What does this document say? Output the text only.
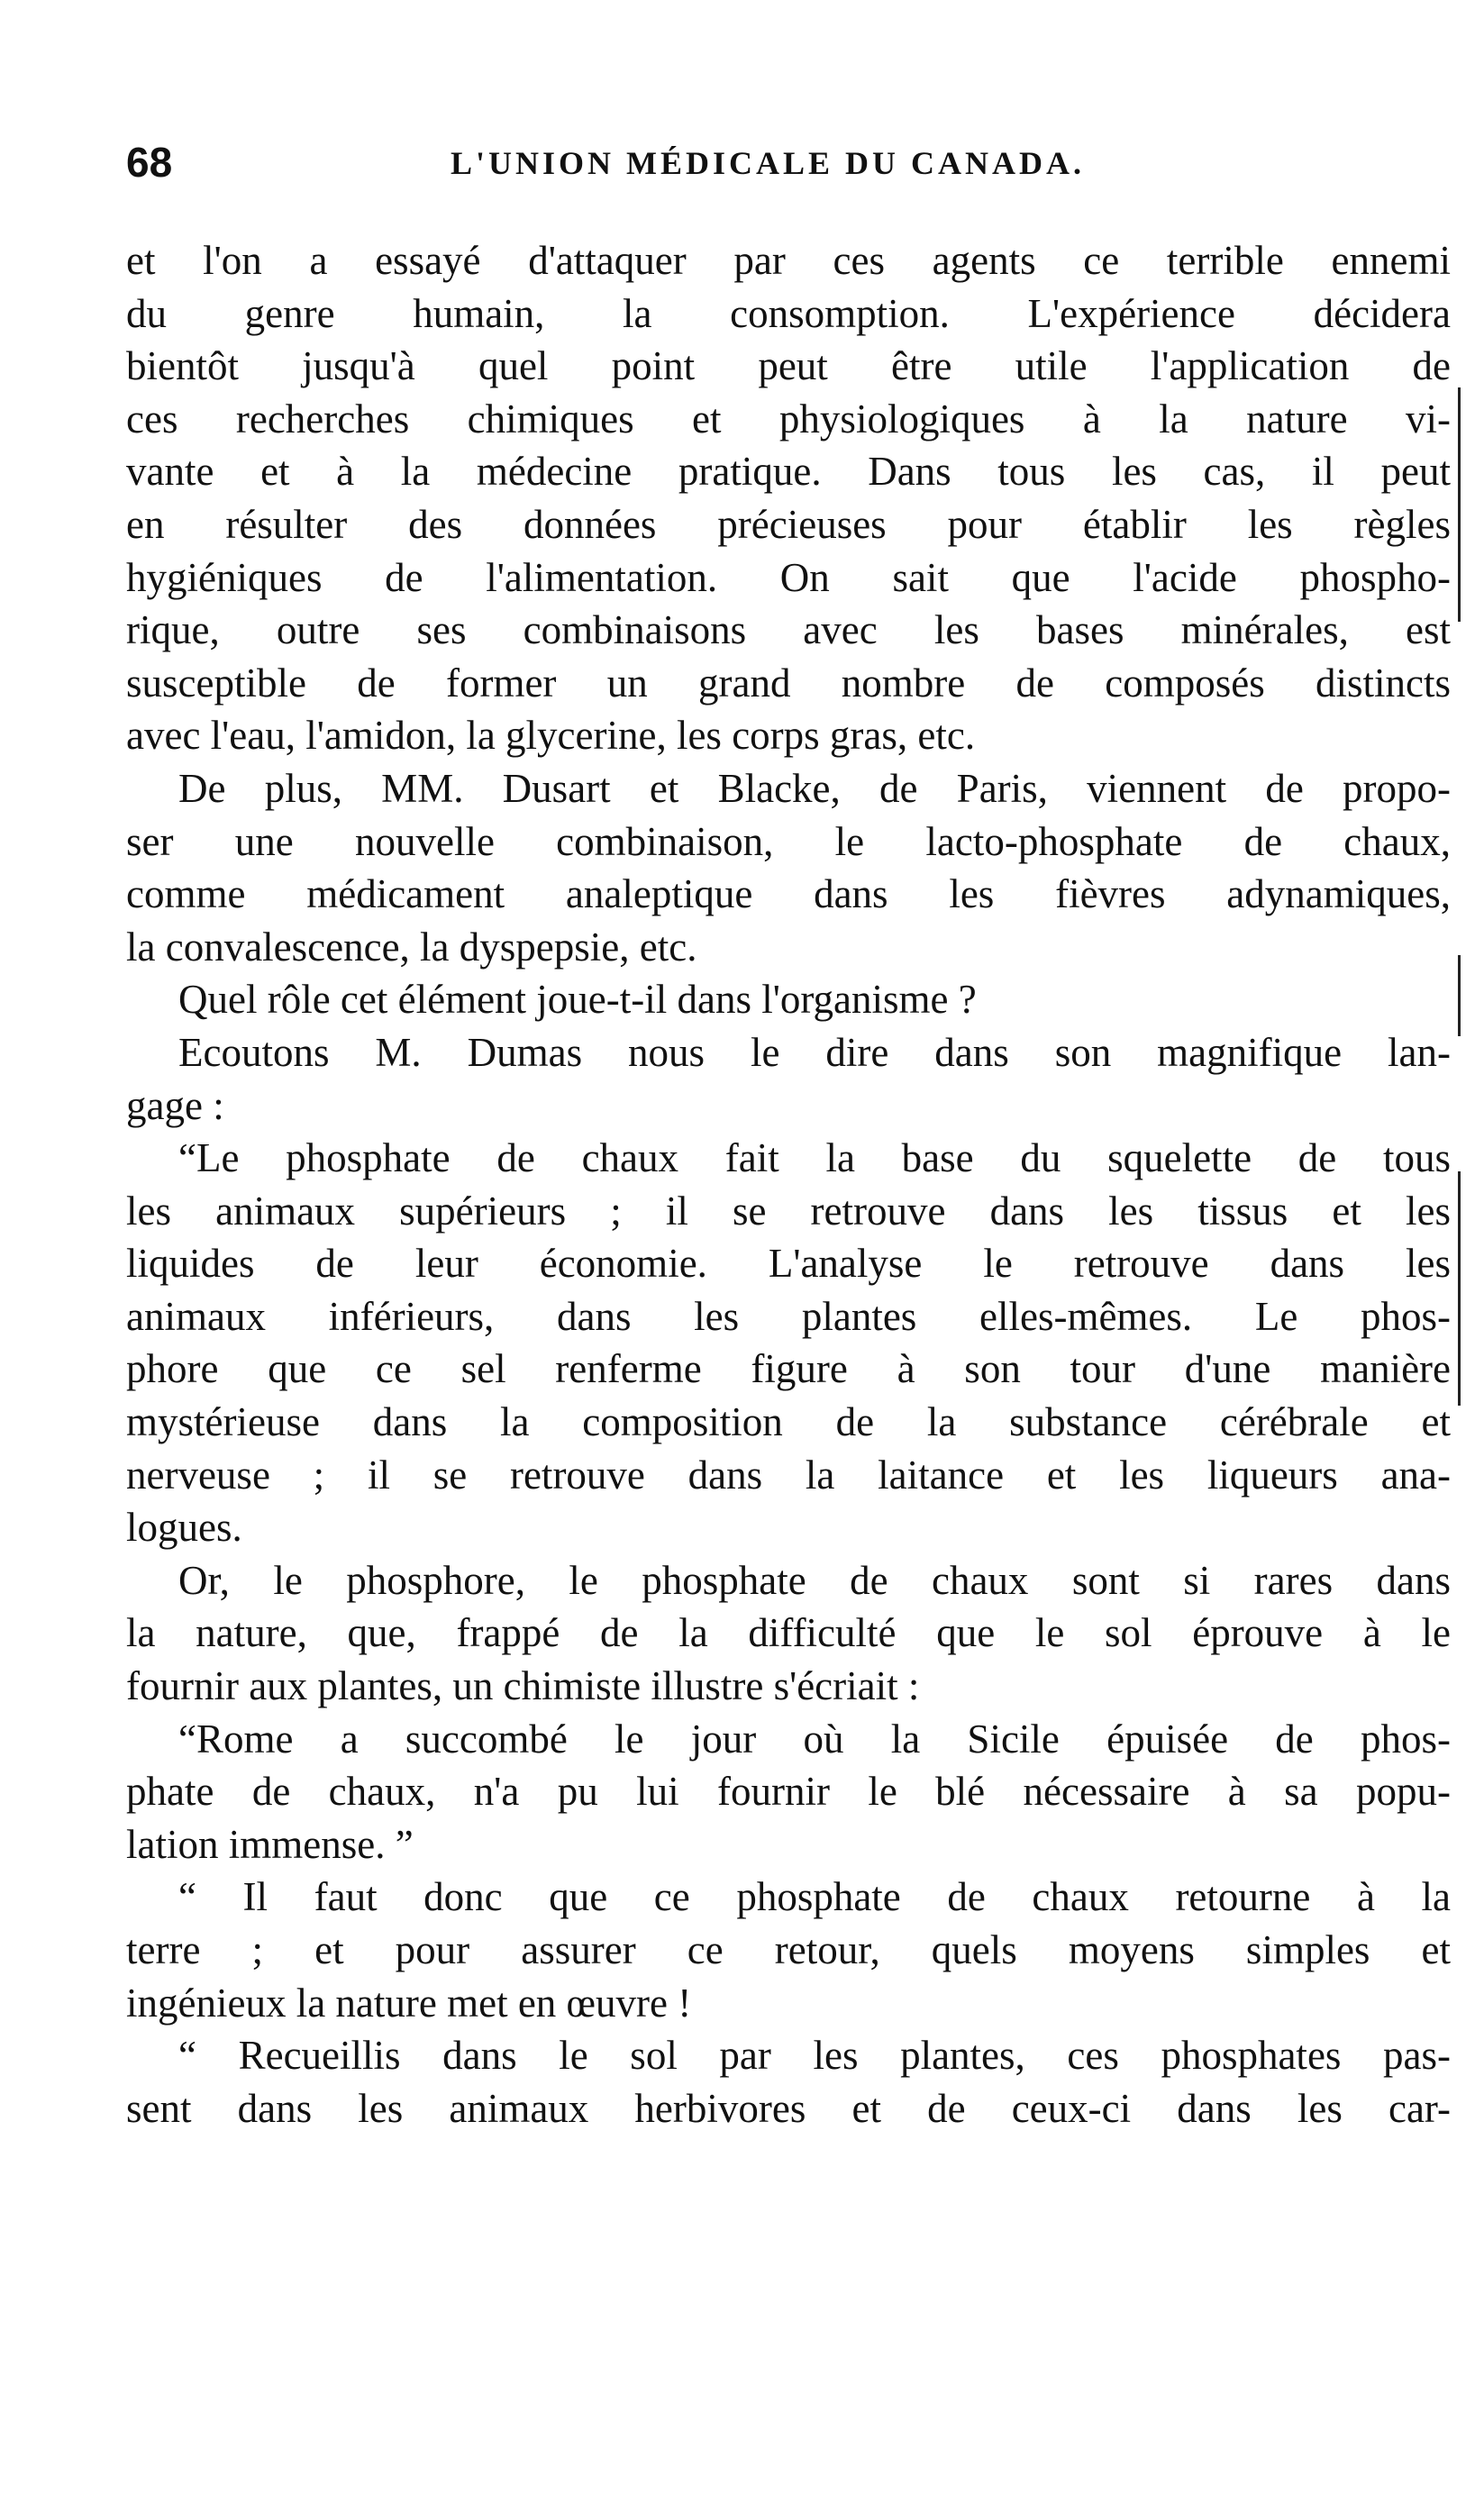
68	L'UNION MÉDICALE DU CANADA.
et l'on a essayé d'attaquer par ces agents ce terrible ennemi
du genre humain, la consomption. L'expérience décidera
bientôt jusqu'à quel point peut être utile l'application de
ces recherches chimiques et physiologiques à la nature vi-
vante et à la médecine pratique. Dans tous les cas, il peut
en résulter des données précieuses pour établir les règles
hygiéniques de l'alimentation. On sait que l'acide phospho-
rique, outre ses combinaisons avec les bases minérales, est
susceptible de former un grand nombre de composés distincts
avec l'eau, l'amidon, la glycerine, les corps gras, etc.
De plus, MM. Dusart et Blacke, de Paris, viennent de propo-
ser une nouvelle combinaison, le lacto-phosphate de chaux,
comme médicament analeptique dans les fièvres adynamiques,
la convalescence, la dyspepsie, etc.
Quel rôle cet élément joue-t-il dans l'organisme ?
Ecoutons M. Dumas nous le dire dans son magnifique lan-
gage :
“Le phosphate de chaux fait la base du squelette de tous
les animaux supérieurs ; il se retrouve dans les tissus et les
liquides de leur économie. L'analyse le retrouve dans les
animaux inférieurs, dans les plantes elles-mêmes. Le phos-
phore que ce sel renferme figure à son tour d'une manière
mystérieuse dans la composition de la substance cérébrale et
nerveuse ; il se retrouve dans la laitance et les liqueurs ana-
logues.
Or, le phosphore, le phosphate de chaux sont si rares dans
la nature, que, frappé de la difficulté que le sol éprouve à le
fournir aux plantes, un chimiste illustre s'écriait :
“Rome a succombé le jour où la Sicile épuisée de phos-
phate de chaux, n'a pu lui fournir le blé nécessaire à sa popu-
lation immense. ”
“ Il faut donc que ce phosphate de chaux retourne à la
terre ; et pour assurer ce retour, quels moyens simples et
ingénieux la nature met en œuvre !
“ Recueillis dans le sol par les plantes, ces phosphates pas-
sent dans les animaux herbivores et de ceux-ci dans les car-
